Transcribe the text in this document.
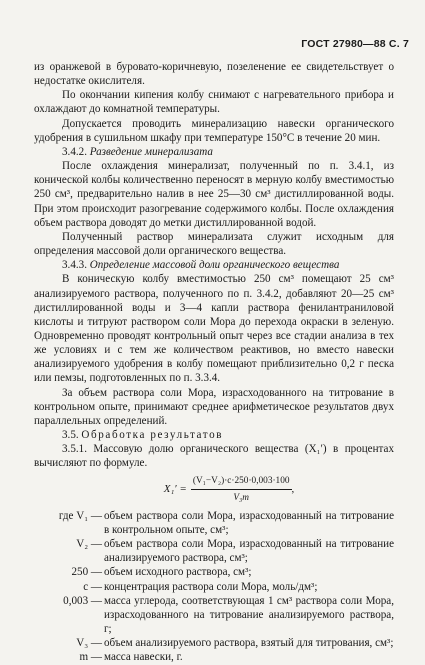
ГОСТ 27980—88 С. 7

из оранжевой в буровато-коричневую, позеленение ее свидетельствует о недостатке окислителя.

По окончании кипения колбу снимают с нагревательного прибора и охлаждают до комнатной температуры.

Допускается проводить минерализацию навески органического удобрения в сушильном шкафу при температуре 150°С в течение 20 мин.

3.4.2. Разведение минерализата

После охлаждения минерализат, полученный по п. 3.4.1, из конической колбы количественно переносят в мерную колбу вместимостью 250 см³, предварительно налив в нее 25—30 см³ дистиллированной воды. При этом происходит разогревание содержимого колбы. После охлаждения объем раствора доводят до метки дистиллированной водой.

Полученный раствор минерализата служит исходным для определения массовой доли органического вещества.

3.4.3. Определение массовой доли органического вещества

В коническую колбу вместимостью 250 см³ помещают 25 см³ анализируемого раствора, полученного по п. 3.4.2, добавляют 20—25 см³ дистиллированной воды и 3—4 капли раствора фенилантраниловой кислоты и титруют раствором соли Мора до перехода окраски в зеленую. Одновременно проводят контрольный опыт через все стадии анализа в тех же условиях и с тем же количеством реактивов, но вместо навески анализируемого удобрения в колбу помещают приблизительно 0,2 г песка или пемзы, подготовленных по п. 3.3.4.

За объем раствора соли Мора, израсходованного на титрование в контрольном опыте, принимают среднее арифметическое результатов двух параллельных определений.

3.5. Обработка результатов

3.5.1. Массовую долю органического вещества (X₁′) в процентах вычисляют по формуле.

$X_1' = \frac{\text{(V₁−V₂)·c·250·0,003·100}}{\text{V₃m}}$ ,
где V₁ — объем раствора соли Мора, израсходованный на титрование в контрольном опыте, см³;
V₂ — объем раствора соли Мора, израсходованный на титрование анализируемого раствора, см³;
250 — объем исходного раствора, см³;
c — концентрация раствора соли Мора, моль/дм³;
0,003 — масса углерода, соответствующая 1 см³ раствора соли Мора, израсходованного на титрование анализируемого раствора, г;
V₃ — объем анализируемого раствора, взятый для титрования, см³;
m — масса навески, г.
